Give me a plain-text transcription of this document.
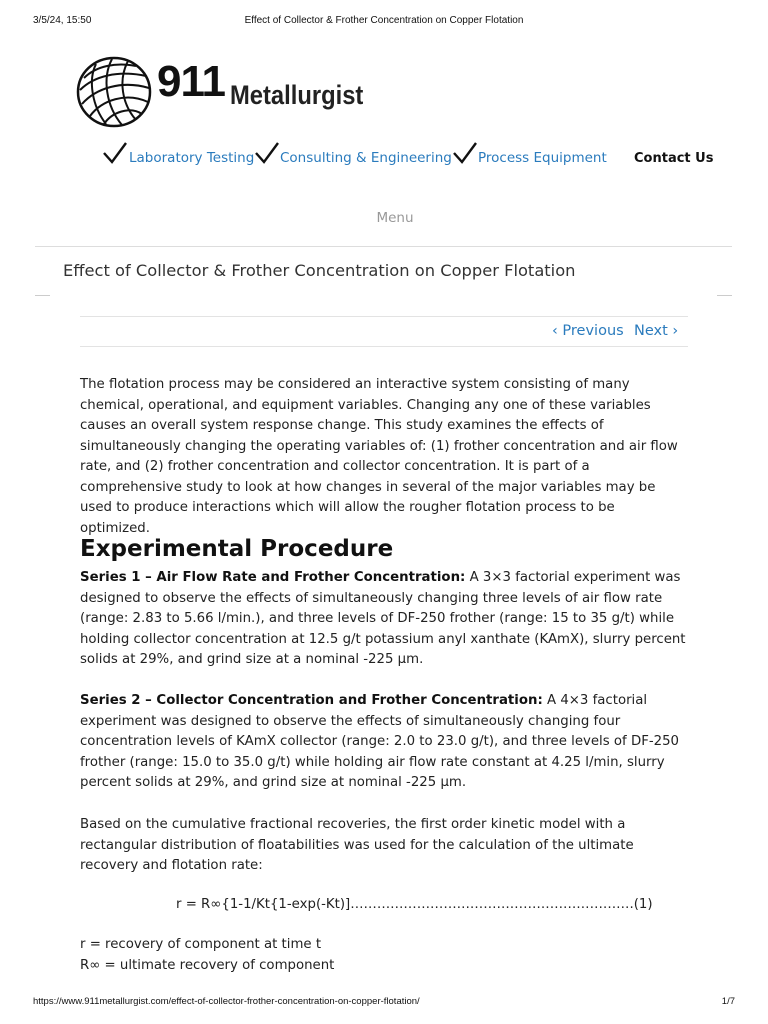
3/5/24, 15:50	Effect of Collector & Frother Concentration on Copper Flotation
911 Metallurgist
Laboratory Testing Consulting & Engineering Process Equipment Contact Us
Menu
Effect of Collector & Frother Concentration on Copper Flotation
‹ Previous Next ›

The flotation process may be considered an interactive system consisting of many chemical, operational, and equipment variables. Changing any one of these variables causes an overall system response change. This study examines the effects of simultaneously changing the operating variables of: (1) frother concentration and air flow rate, and (2) frother concentration and collector concentration. It is part of a comprehensive study to look at how changes in several of the major variables may be used to produce interactions which will allow the rougher flotation process to be optimized.

Experimental Procedure

Series 1 – Air Flow Rate and Frother Concentration: A 3×3 factorial experiment was designed to observe the effects of simultaneously changing three levels of air flow rate (range: 2.83 to 5.66 l/min.), and three levels of DF-250 frother (range: 15 to 35 g/t) while holding collector concentration at 12.5 g/t potassium anyl xanthate (KAmX), slurry percent solids at 29%, and grind size at a nominal -225 µm.

Series 2 – Collector Concentration and Frother Concentration: A 4×3 factorial experiment was designed to observe the effects of simultaneously changing four concentration levels of KAmX collector (range: 2.0 to 23.0 g/t), and three levels of DF-250 frother (range: 15.0 to 35.0 g/t) while holding air flow rate constant at 4.25 l/min, slurry percent solids at 29%, and grind size at nominal -225 µm.

Based on the cumulative fractional recoveries, the first order kinetic model with a rectangular distribution of floatabilities was used for the calculation of the ultimate recovery and flotation rate:

r = R∞{1-1/Kt{1-exp(-Kt)]……………………………………………………….(1)
r = recovery of component at time t
R∞ = ultimate recovery of component
https://www.911metallurgist.com/effect-of-collector-frother-concentration-on-copper-flotation/	1/7
